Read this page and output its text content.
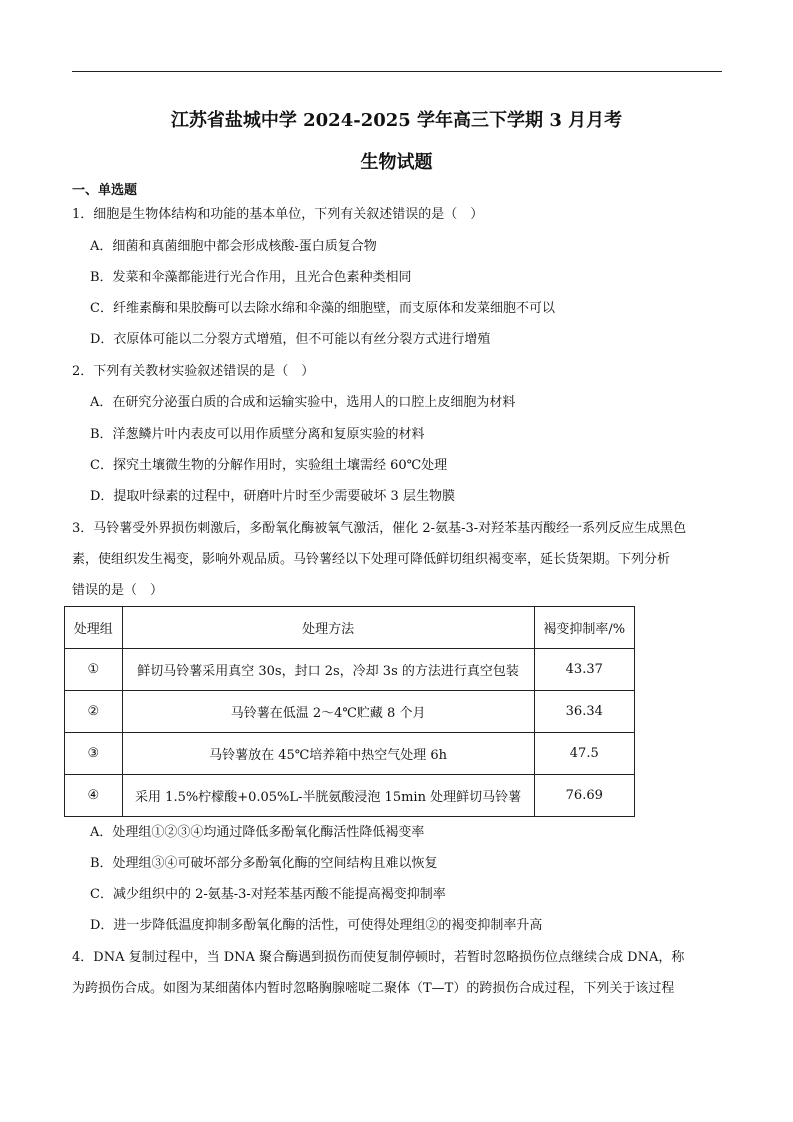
江苏省盐城中学 2024-2025 学年高三下学期 3 月月考
生物试题
一、单选题
1．细胞是生物体结构和功能的基本单位，下列有关叙述错误的是（　）
A．细菌和真菌细胞中都会形成核酸-蛋白质复合物
B．发菜和伞藻都能进行光合作用，且光合色素种类相同
C．纤维素酶和果胶酶可以去除水绵和伞藻的细胞壁，而支原体和发菜细胞不可以
D．衣原体可能以二分裂方式增殖，但不可能以有丝分裂方式进行增殖
2．下列有关教材实验叙述错误的是（　）
A．在研究分泌蛋白质的合成和运输实验中，选用人的口腔上皮细胞为材料
B．洋葱鳞片叶内表皮可以用作质壁分离和复原实验的材料
C．探究土壤微生物的分解作用时，实验组土壤需经 60℃处理
D．提取叶绿素的过程中，研磨叶片时至少需要破坏 3 层生物膜
3．马铃薯受外界损伤刺激后，多酚氧化酶被氧气激活，催化 2-氨基-3-对羟苯基丙酸经一系列反应生成黑色
素，使组织发生褐变，影响外观品质。马铃薯经以下处理可降低鲜切组织褐变率，延长货架期。下列分析
错误的是（　）
处理组	处理方法	褐变抑制率/%
①	鲜切马铃薯采用真空 30s，封口 2s，冷却 3s 的方法进行真空包装	43.37
②	马铃薯在低温 2～4℃贮藏 8 个月	36.34
③	马铃薯放在 45℃培养箱中热空气处理 6h	47.5
④	采用 1.5%柠檬酸+0.05%L-半胱氨酸浸泡 15min 处理鲜切马铃薯	76.69
A．处理组①②③④均通过降低多酚氧化酶活性降低褐变率
B．处理组③④可破坏部分多酚氧化酶的空间结构且难以恢复
C．减少组织中的 2-氨基-3-对羟苯基丙酸不能提高褐变抑制率
D．进一步降低温度抑制多酚氧化酶的活性，可使得处理组②的褐变抑制率升高
4．DNA 复制过程中，当 DNA 聚合酶遇到损伤而使复制停顿时，若暂时忽略损伤位点继续合成 DNA，称
为跨损伤合成。如图为某细菌体内暂时忽略胸腺嘧啶二聚体（T—T）的跨损伤合成过程，下列关于该过程
